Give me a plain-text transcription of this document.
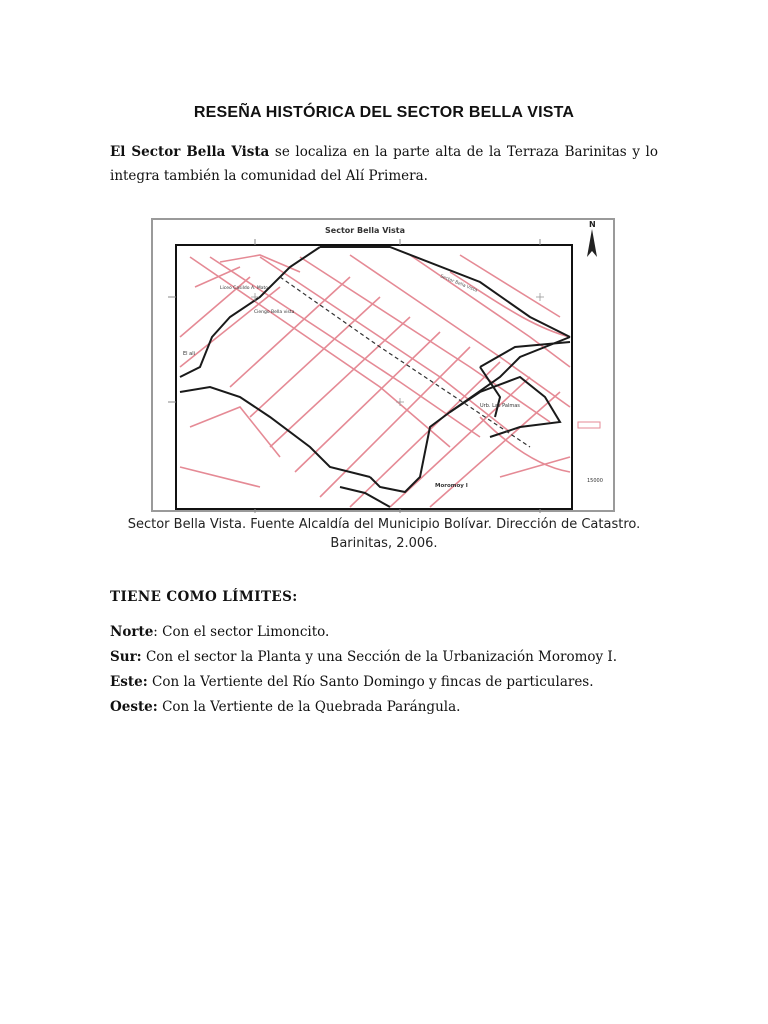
RESEÑA HISTÓRICA DEL SECTOR BELLA VISTA

El Sector Bella Vista se localiza en la parte alta de la Terraza Barinitas y lo integra también la comunidad del Alí Primera.

Sector Bella Vista
Liceo Casildo A. Mato
Ciengo Bella vista
El ali
Urb. Las Palmas
Moromoy I
Sector Bella Vista
15000
N
Sector Bella Vista. Fuente Alcaldía del Municipio Bolívar. Dirección de Catastro. Barinitas, 2.006.
TIENE COMO LÍMITES:
Norte: Con el sector Limoncito.
Sur: Con el sector la Planta y una Sección de la Urbanización Moromoy I.
Este: Con la Vertiente del Río Santo Domingo y fincas de particulares.
Oeste: Con la Vertiente de la Quebrada Parángula.
